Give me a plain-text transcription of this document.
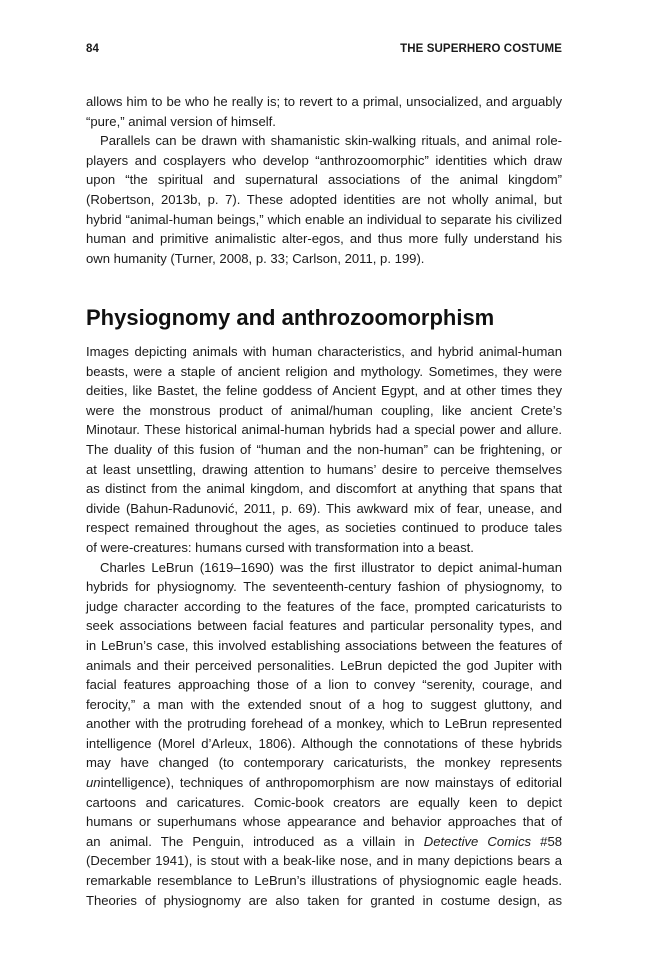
84	THE SUPERHERO COSTUME
allows him to be who he really is; to revert to a primal, unsocialized, and arguably
“pure,” animal version of himself.
Parallels can be drawn with shamanistic skin-walking rituals, and animal role-
players and cosplayers who develop “anthrozoomorphic” identities which draw
upon “the spiritual and supernatural associations of the animal kingdom”
(Robertson, 2013b, p. 7). These adopted identities are not wholly animal, but
hybrid “animal-human beings,” which enable an individual to separate his civilized
human and primitive animalistic alter-egos, and thus more fully understand his
own humanity (Turner, 2008, p. 33; Carlson, 2011, p. 199).
Physiognomy and anthrozoomorphism
Images depicting animals with human characteristics, and hybrid animal-human
beasts, were a staple of ancient religion and mythology. Sometimes, they were
deities, like Bastet, the feline goddess of Ancient Egypt, and at other times they
were the monstrous product of animal/human coupling, like ancient Crete’s
Minotaur. These historical animal-human hybrids had a special power and allure.
The duality of this fusion of “human and the non-human” can be frightening, or
at least unsettling, drawing attention to humans’ desire to perceive themselves
as distinct from the animal kingdom, and discomfort at anything that spans that
divide (Bahun-Radunović, 2011, p. 69). This awkward mix of fear, unease, and
respect remained throughout the ages, as societies continued to produce tales
of were-creatures: humans cursed with transformation into a beast.
Charles LeBrun (1619–1690) was the first illustrator to depict animal-human
hybrids for physiognomy. The seventeenth-century fashion of physiognomy, to
judge character according to the features of the face, prompted caricaturists to
seek associations between facial features and particular personality types, and
in LeBrun’s case, this involved establishing associations between the features of
animals and their perceived personalities. LeBrun depicted the god Jupiter with
facial features approaching those of a lion to convey “serenity, courage, and
ferocity,” a man with the extended snout of a hog to suggest gluttony, and
another with the protruding forehead of a monkey, which to LeBrun represented
intelligence (Morel d’Arleux, 1806). Although the connotations of these hybrids
may have changed (to contemporary caricaturists, the monkey represents
unintelligence), techniques of anthropomorphism are now mainstays of editorial
cartoons and caricatures. Comic-book creators are equally keen to depict
humans or superhumans whose appearance and behavior approaches that of
an animal. The Penguin, introduced as a villain in Detective Comics #58
(December 1941), is stout with a beak-like nose, and in many depictions bears a
remarkable resemblance to LeBrun’s illustrations of physiognomic eagle heads.
Theories of physiognomy are also taken for granted in costume design, as
